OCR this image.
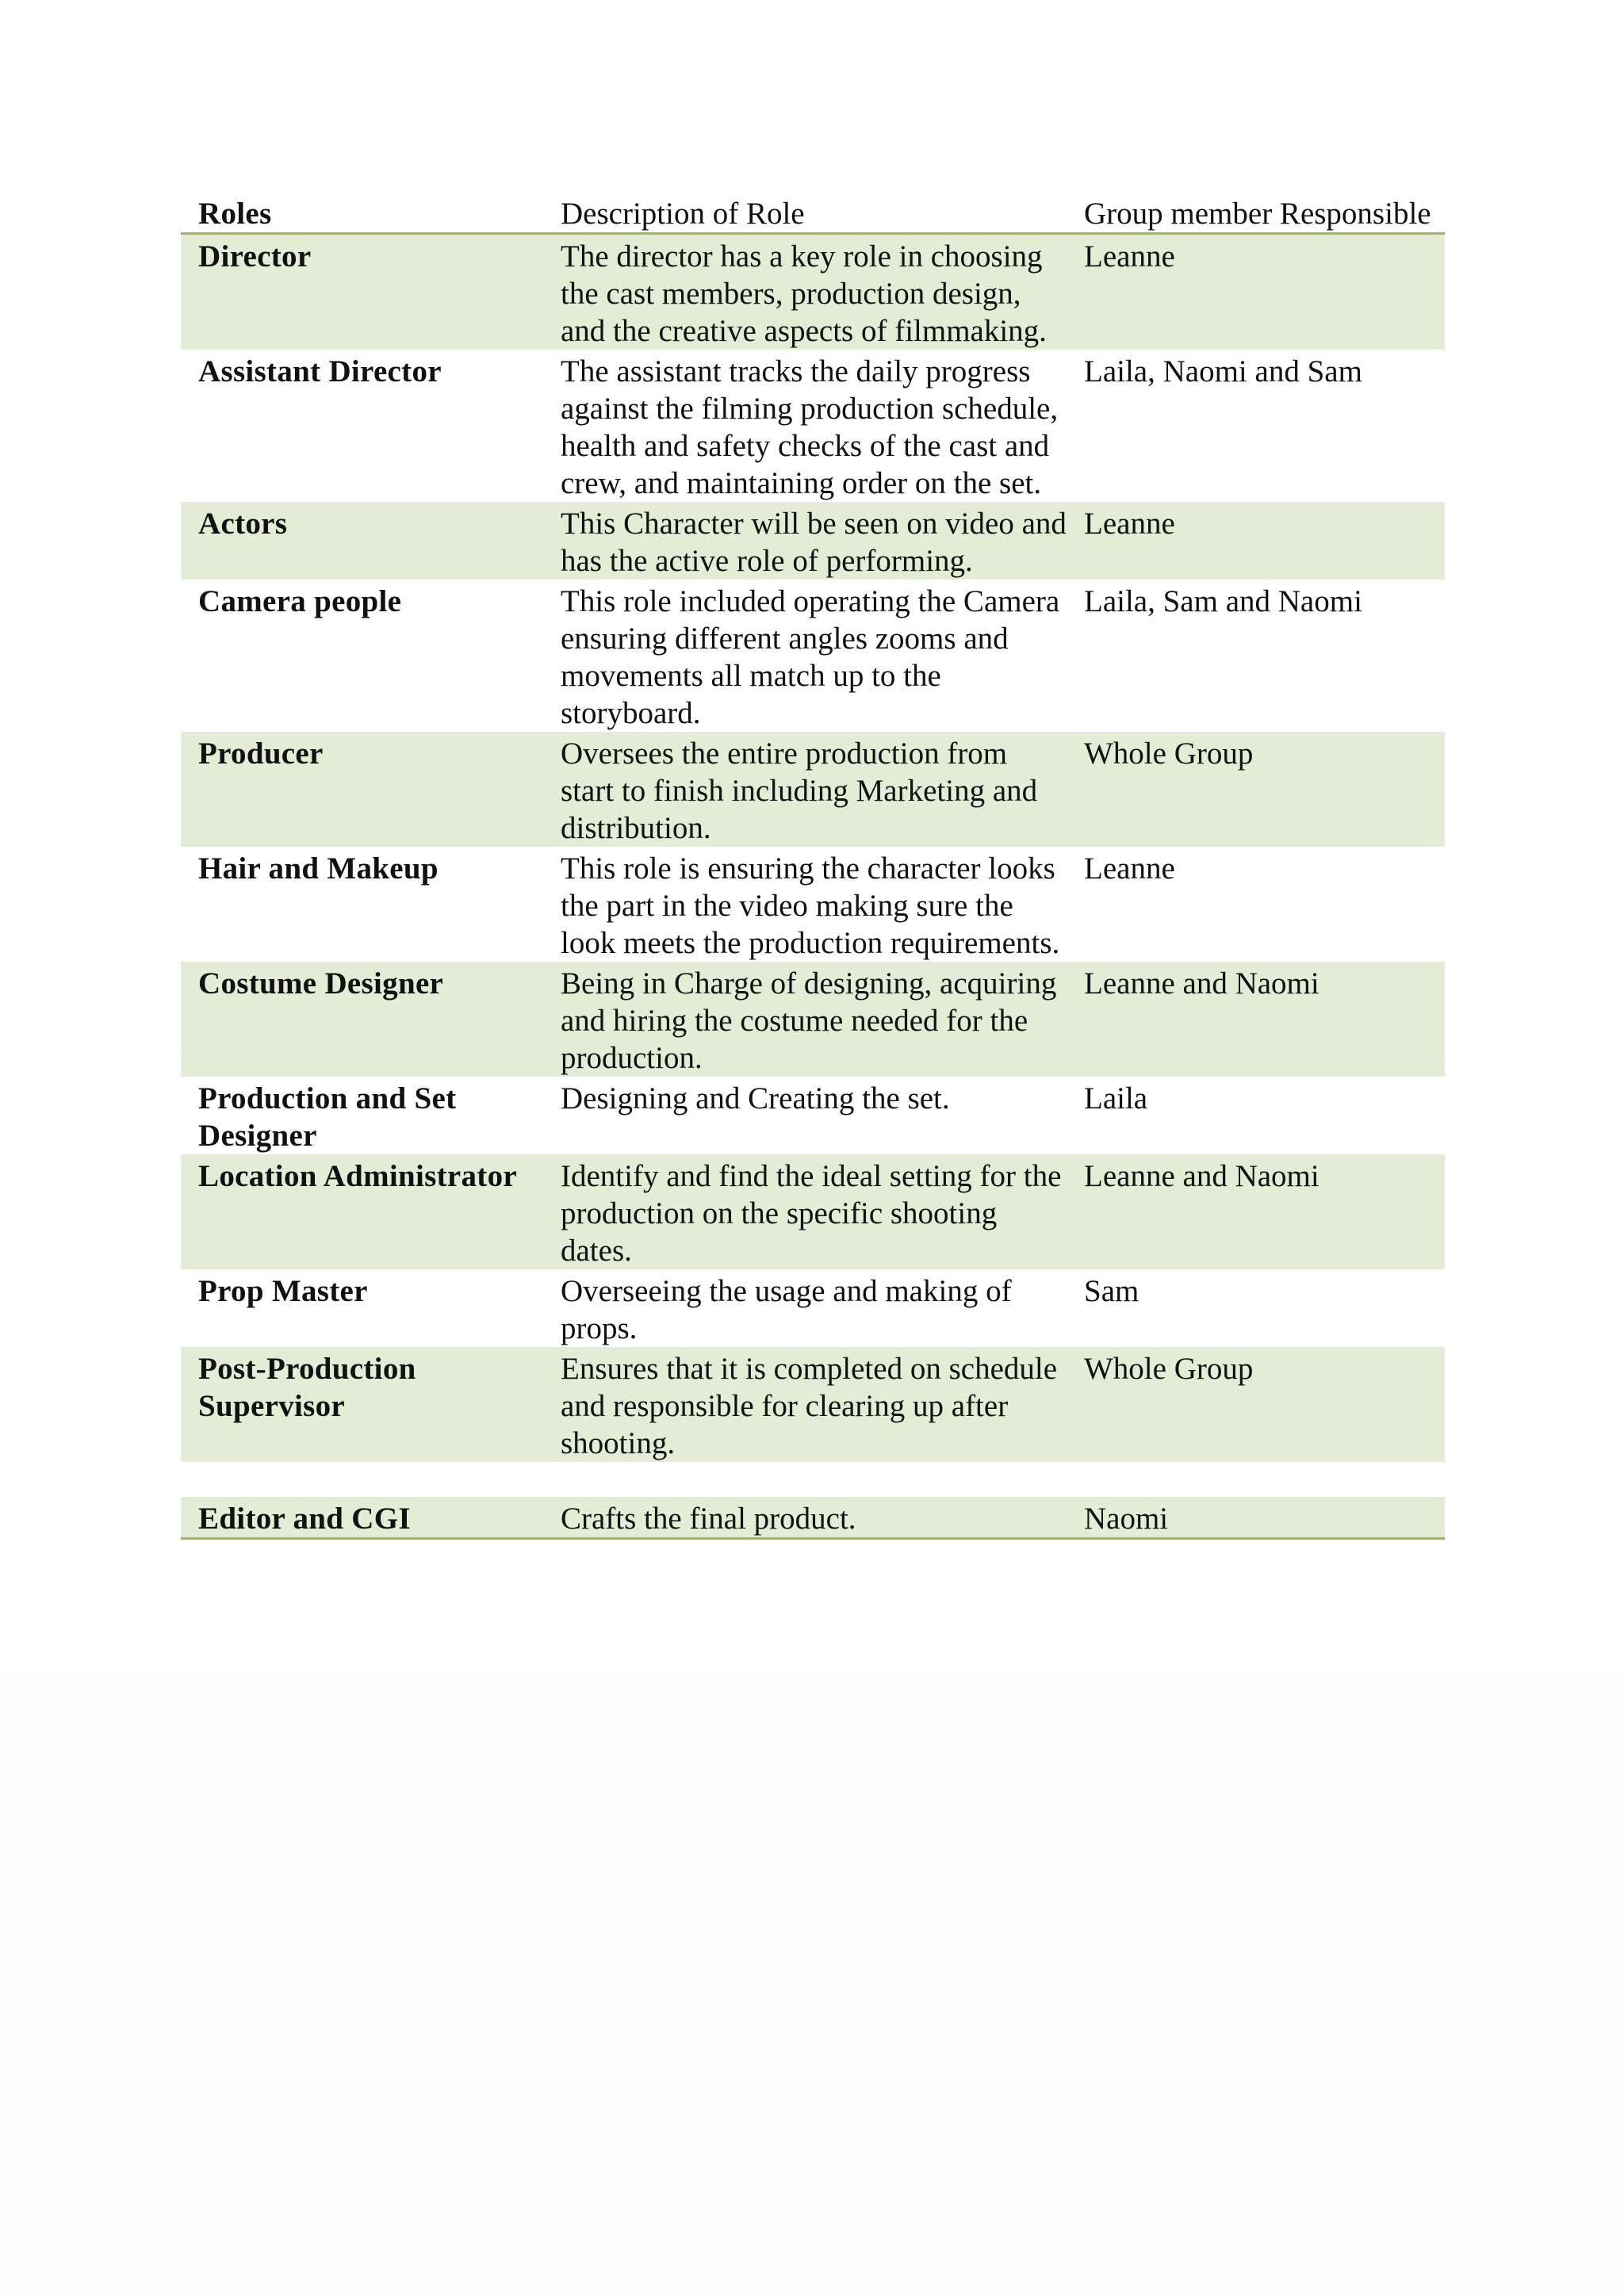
Roles	Description of Role	Group member Responsible
Director	The director has a key role in choosing the cast members, production design, and the creative aspects of filmmaking.	Leanne
Assistant Director	The assistant tracks the daily progress against the filming production schedule, health and safety checks of the cast and crew, and maintaining order on the set.	Laila, Naomi and Sam
Actors	This Character will be seen on video and has the active role of performing.	Leanne
Camera people	This role included operating the Camera ensuring different angles zooms and movements all match up to the storyboard.	Laila, Sam and Naomi
Producer	Oversees the entire production from start to finish including Marketing and distribution.	Whole Group
Hair and Makeup	This role is ensuring the character looks the part in the video making sure the look meets the production requirements.	Leanne
Costume Designer	Being in Charge of designing, acquiring and hiring the costume needed for the production.	Leanne and Naomi
Production and Set Designer	Designing and Creating the set.	Laila
Location Administrator	Identify and find the ideal setting for the production on the specific shooting dates.	Leanne and Naomi
Prop Master	Overseeing the usage and making of props.	Sam
Post-Production Supervisor	Ensures that it is completed on schedule and responsible for clearing up after shooting.	Whole Group

Editor and CGI	Crafts the final product.	Naomi
